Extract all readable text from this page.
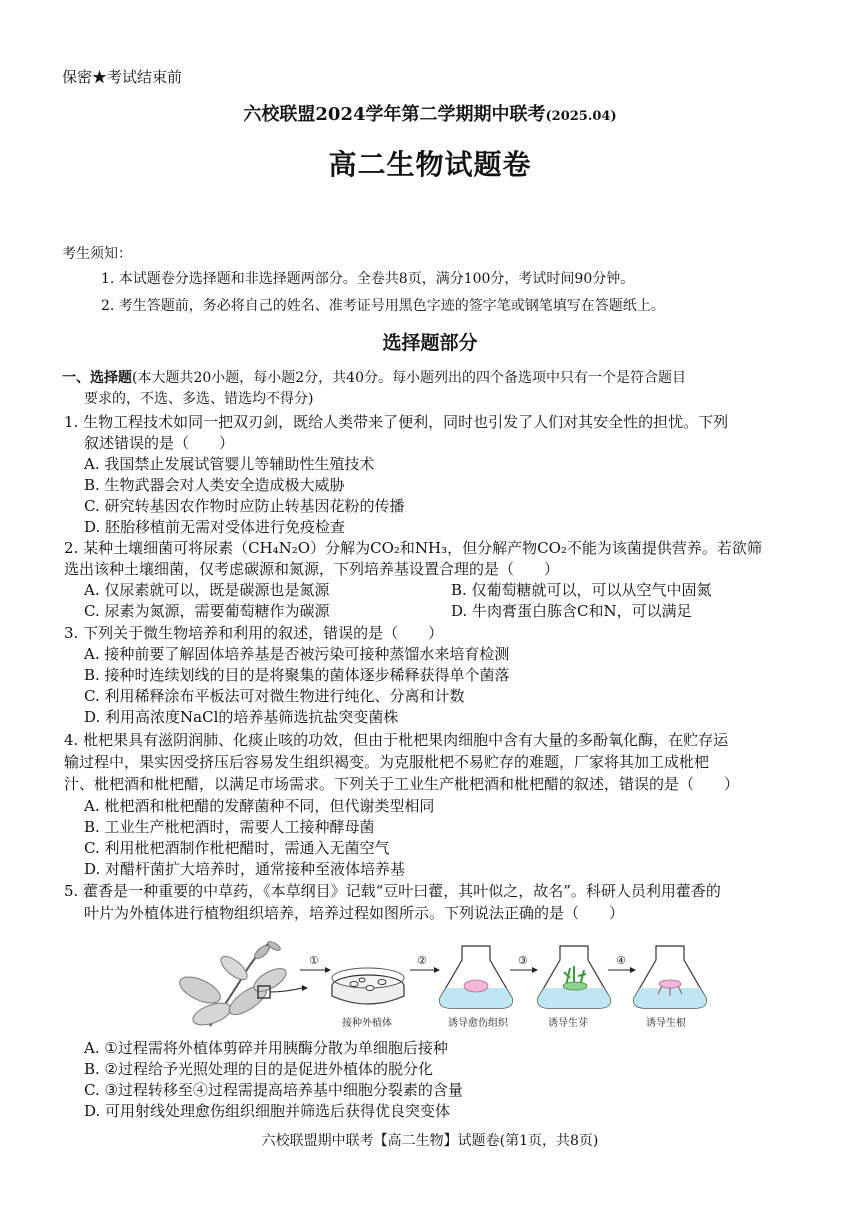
保密★考试结束前
六校联盟2024学年第二学期期中联考(2025.04)
高二生物试题卷
考生须知：
1. 本试题卷分选择题和非选择题两部分。全卷共8页，满分100分，考试时间90分钟。
2. 考生答题前，务必将自己的姓名、准考证号用黑色字迹的签字笔或钢笔填写在答题纸上。
选择题部分
一、选择题(本大题共20小题，每小题2分，共40分。每小题列出的四个备选项中只有一个是符合题目
要求的，不选、多选、错选均不得分)
1. 生物工程技术如同一把双刃剑，既给人类带来了便利，同时也引发了人们对其安全性的担忧。下列
叙述错误的是（　　）
A. 我国禁止发展试管婴儿等辅助性生殖技术
B. 生物武器会对人类安全造成极大威胁
C. 研究转基因农作物时应防止转基因花粉的传播
D. 胚胎移植前无需对受体进行免疫检查
2. 某种土壤细菌可将尿素（CH₄N₂O）分解为CO₂和NH₃，但分解产物CO₂不能为该菌提供营养。若欲筛
选出该种土壤细菌，仅考虑碳源和氮源，下列培养基设置合理的是（　　）
A. 仅尿素就可以，既是碳源也是氮源	B. 仅葡萄糖就可以，可以从空气中固氮
C. 尿素为氮源，需要葡萄糖作为碳源	D. 牛肉膏蛋白胨含C和N，可以满足
3. 下列关于微生物培养和利用的叙述，错误的是（　　）
A. 接种前要了解固体培养基是否被污染可接种蒸馏水来培育检测
B. 接种时连续划线的目的是将聚集的菌体逐步稀释获得单个菌落
C. 利用稀释涂布平板法可对微生物进行纯化、分离和计数
D. 利用高浓度NaCl的培养基筛选抗盐突变菌株
4. 枇杷果具有滋阴润肺、化痰止咳的功效，但由于枇杷果肉细胞中含有大量的多酚氧化酶，在贮存运
输过程中，果实因受挤压后容易发生组织褐变。为克服枇杷不易贮存的难题，厂家将其加工成枇杷
汁、枇杷酒和枇杷醋，以满足市场需求。下列关于工业生产枇杷酒和枇杷醋的叙述，错误的是（　　）
A. 枇杷酒和枇杷醋的发酵菌种不同，但代谢类型相同
B. 工业生产枇杷酒时，需要人工接种酵母菌
C. 利用枇杷酒制作枇杷醋时，需通入无菌空气
D. 对醋杆菌扩大培养时，通常接种至液体培养基
5. 藿香是一种重要的中草药，《本草纲目》记载“豆叶曰藿，其叶似之，故名”。科研人员利用藿香的
叶片为外植体进行植物组织培养，培养过程如图所示。下列说法正确的是（　　）
①
接种外植体
②
诱导愈伤组织
③
诱导生芽
④
诱导生根
A. ①过程需将外植体剪碎并用胰酶分散为单细胞后接种
B. ②过程给予光照处理的目的是促进外植体的脱分化
C. ③过程转移至④过程需提高培养基中细胞分裂素的含量
D. 可用射线处理愈伤组织细胞并筛选后获得优良突变体
六校联盟期中联考【高二生物】试题卷(第1页，共8页)
